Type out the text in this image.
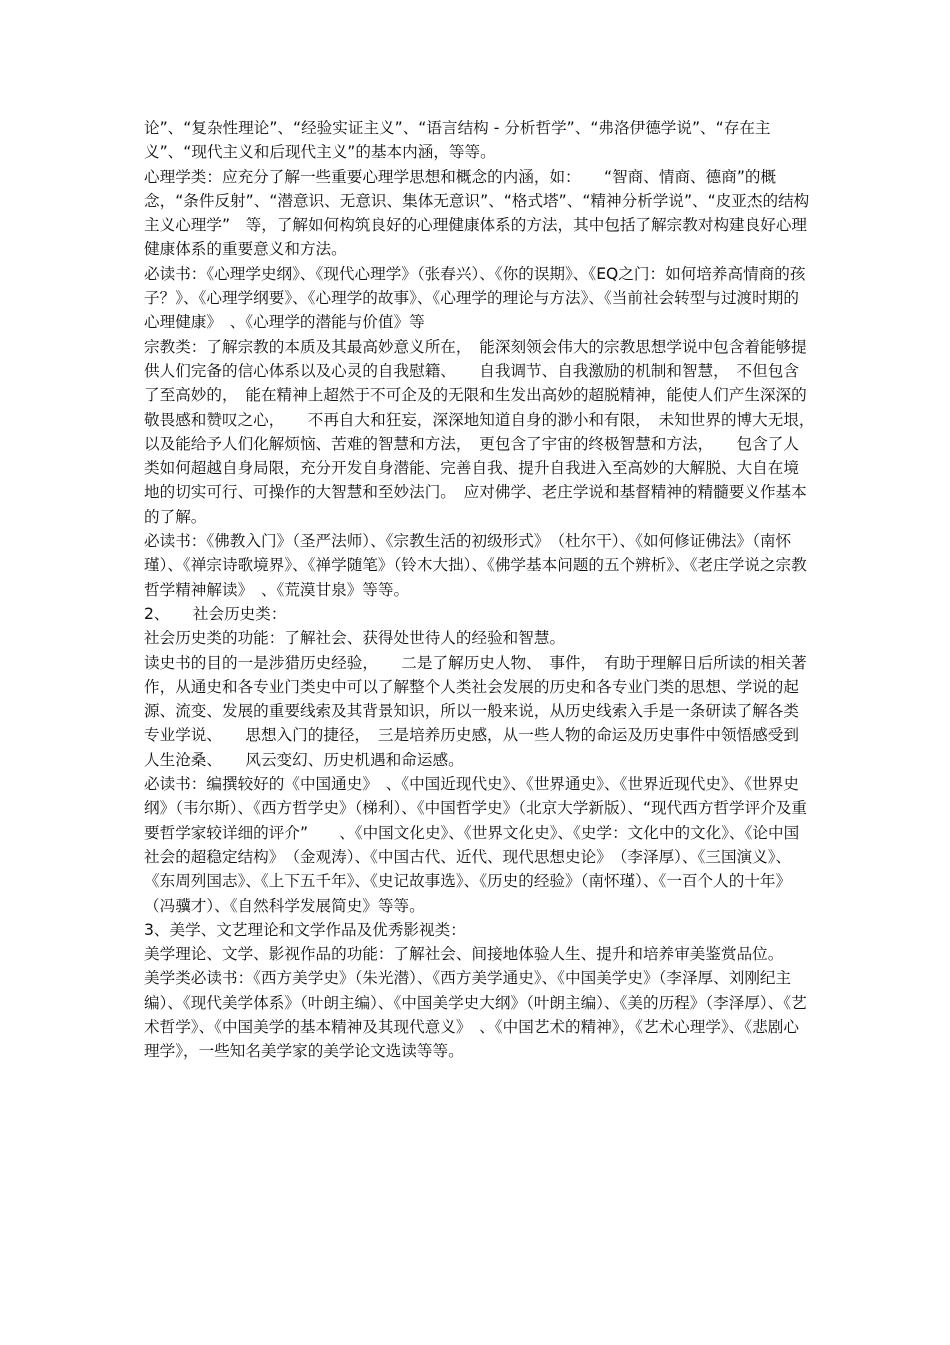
论”、“复杂性理论”、“经验实证主义”、“语言结构 - 分析哲学”、“弗洛伊德学说”、“存在主义”、“现代主义和后现代主义”的基本内涵，等等。

心理学类：应充分了解一些重要心理学思想和概念的内涵，如：　　“智商、情商、德商”的概念，“条件反射”、“潜意识、无意识、集体无意识”、“格式塔”、“精神分析学说”、“皮亚杰的结构主义心理学”　等，了解如何构筑良好的心理健康体系的方法，其中包括了解宗教对构建良好心理健康体系的重要意义和方法。

必读书：《心理学史纲》、《现代心理学》（张春兴）、《你的误期》、《EQ之门：如何培养高情商的孩子？》、《心理学纲要》、《心理学的故事》、《心理学的理论与方法》、《当前社会转型与过渡时期的心理健康》　、《心理学的潜能与价值》等

宗教类：了解宗教的本质及其最高妙意义所在，　能深刻领会伟大的宗教思想学说中包含着能够提供人们完备的信心体系以及心灵的自我慰籍、　　自我调节、自我激励的机制和智慧，　不但包含了至高妙的，　能在精神上超然于不可企及的无限和生发出高妙的超脱精神，能使人们产生深深的敬畏感和赞叹之心，　　不再自大和狂妄，深深地知道自身的渺小和有限，　未知世界的博大无垠，　以及能给予人们化解烦恼、苦难的智慧和方法，　更包含了宇宙的终极智慧和方法，　　包含了人类如何超越自身局限，充分开发自身潜能、完善自我、提升自我进入至高妙的大解脱、大自在境地的切实可行、可操作的大智慧和至妙法门。　应对佛学、老庄学说和基督精神的精髓要义作基本的了解。

必读书：《佛教入门》（圣严法师）、《宗教生活的初级形式》　（杜尔干）、《如何修证佛法》（南怀瑾）、《禅宗诗歌境界》、《禅学随笔》（铃木大拙）、《佛学基本问题的五个辨析》、《老庄学说之宗教哲学精神解读》　、《荒漠甘泉》等等。

2、　　社会历史类：

社会历史类的功能：了解社会、获得处世待人的经验和智慧。

读史书的目的一是涉猎历史经验，　　二是了解历史人物、　事件，　有助于理解日后所读的相关著作，从通史和各专业门类史中可以了解整个人类社会发展的历史和各专业门类的思想、学说的起源、流变、发展的重要线索及其背景知识，所以一般来说，从历史线索入手是一条研读了解各类专业学说、　　思想入门的捷径，　三是培养历史感，从一些人物的命运及历史事件中领悟感受到人生沧桑、　　风云变幻、历史机遇和命运感。

必读书：编撰较好的《中国通史》　、《中国近现代史》、《世界通史》、《世界近现代史》、《世界史纲》（韦尔斯）、《西方哲学史》（梯利）、《中国哲学史》（北京大学新版）、“现代西方哲学评介及重要哲学家较详细的评介”　　、《中国文化史》、《世界文化史》、《史学：文化中的文化》、《论中国社会的超稳定结构》　（金观涛）、《中国古代、近代、现代思想史论》　（李泽厚）、《三国演义》、《东周列国志》、《上下五千年》、《史记故事选》、《历史的经验》（南怀瑾）、《一百个人的十年》（冯骥才）、《自然科学发展简史》等等。

3、美学、文艺理论和文学作品及优秀影视类：

美学理论、文学、影视作品的功能：了解社会、间接地体验人生、提升和培养审美鉴赏品位。

美学类必读书：《西方美学史》（朱光潜）、《西方美学通史》、《中国美学史》（李泽厚、刘刚纪主编）、《现代美学体系》（叶朗主编）、《中国美学史大纲》（叶朗主编）、《美的历程》（李泽厚）、《艺术哲学》、《中国美学的基本精神及其现代意义》　、《中国艺术的精神》，《艺术心理学》、《悲剧心理学》，一些知名美学家的美学论文选读等等。
